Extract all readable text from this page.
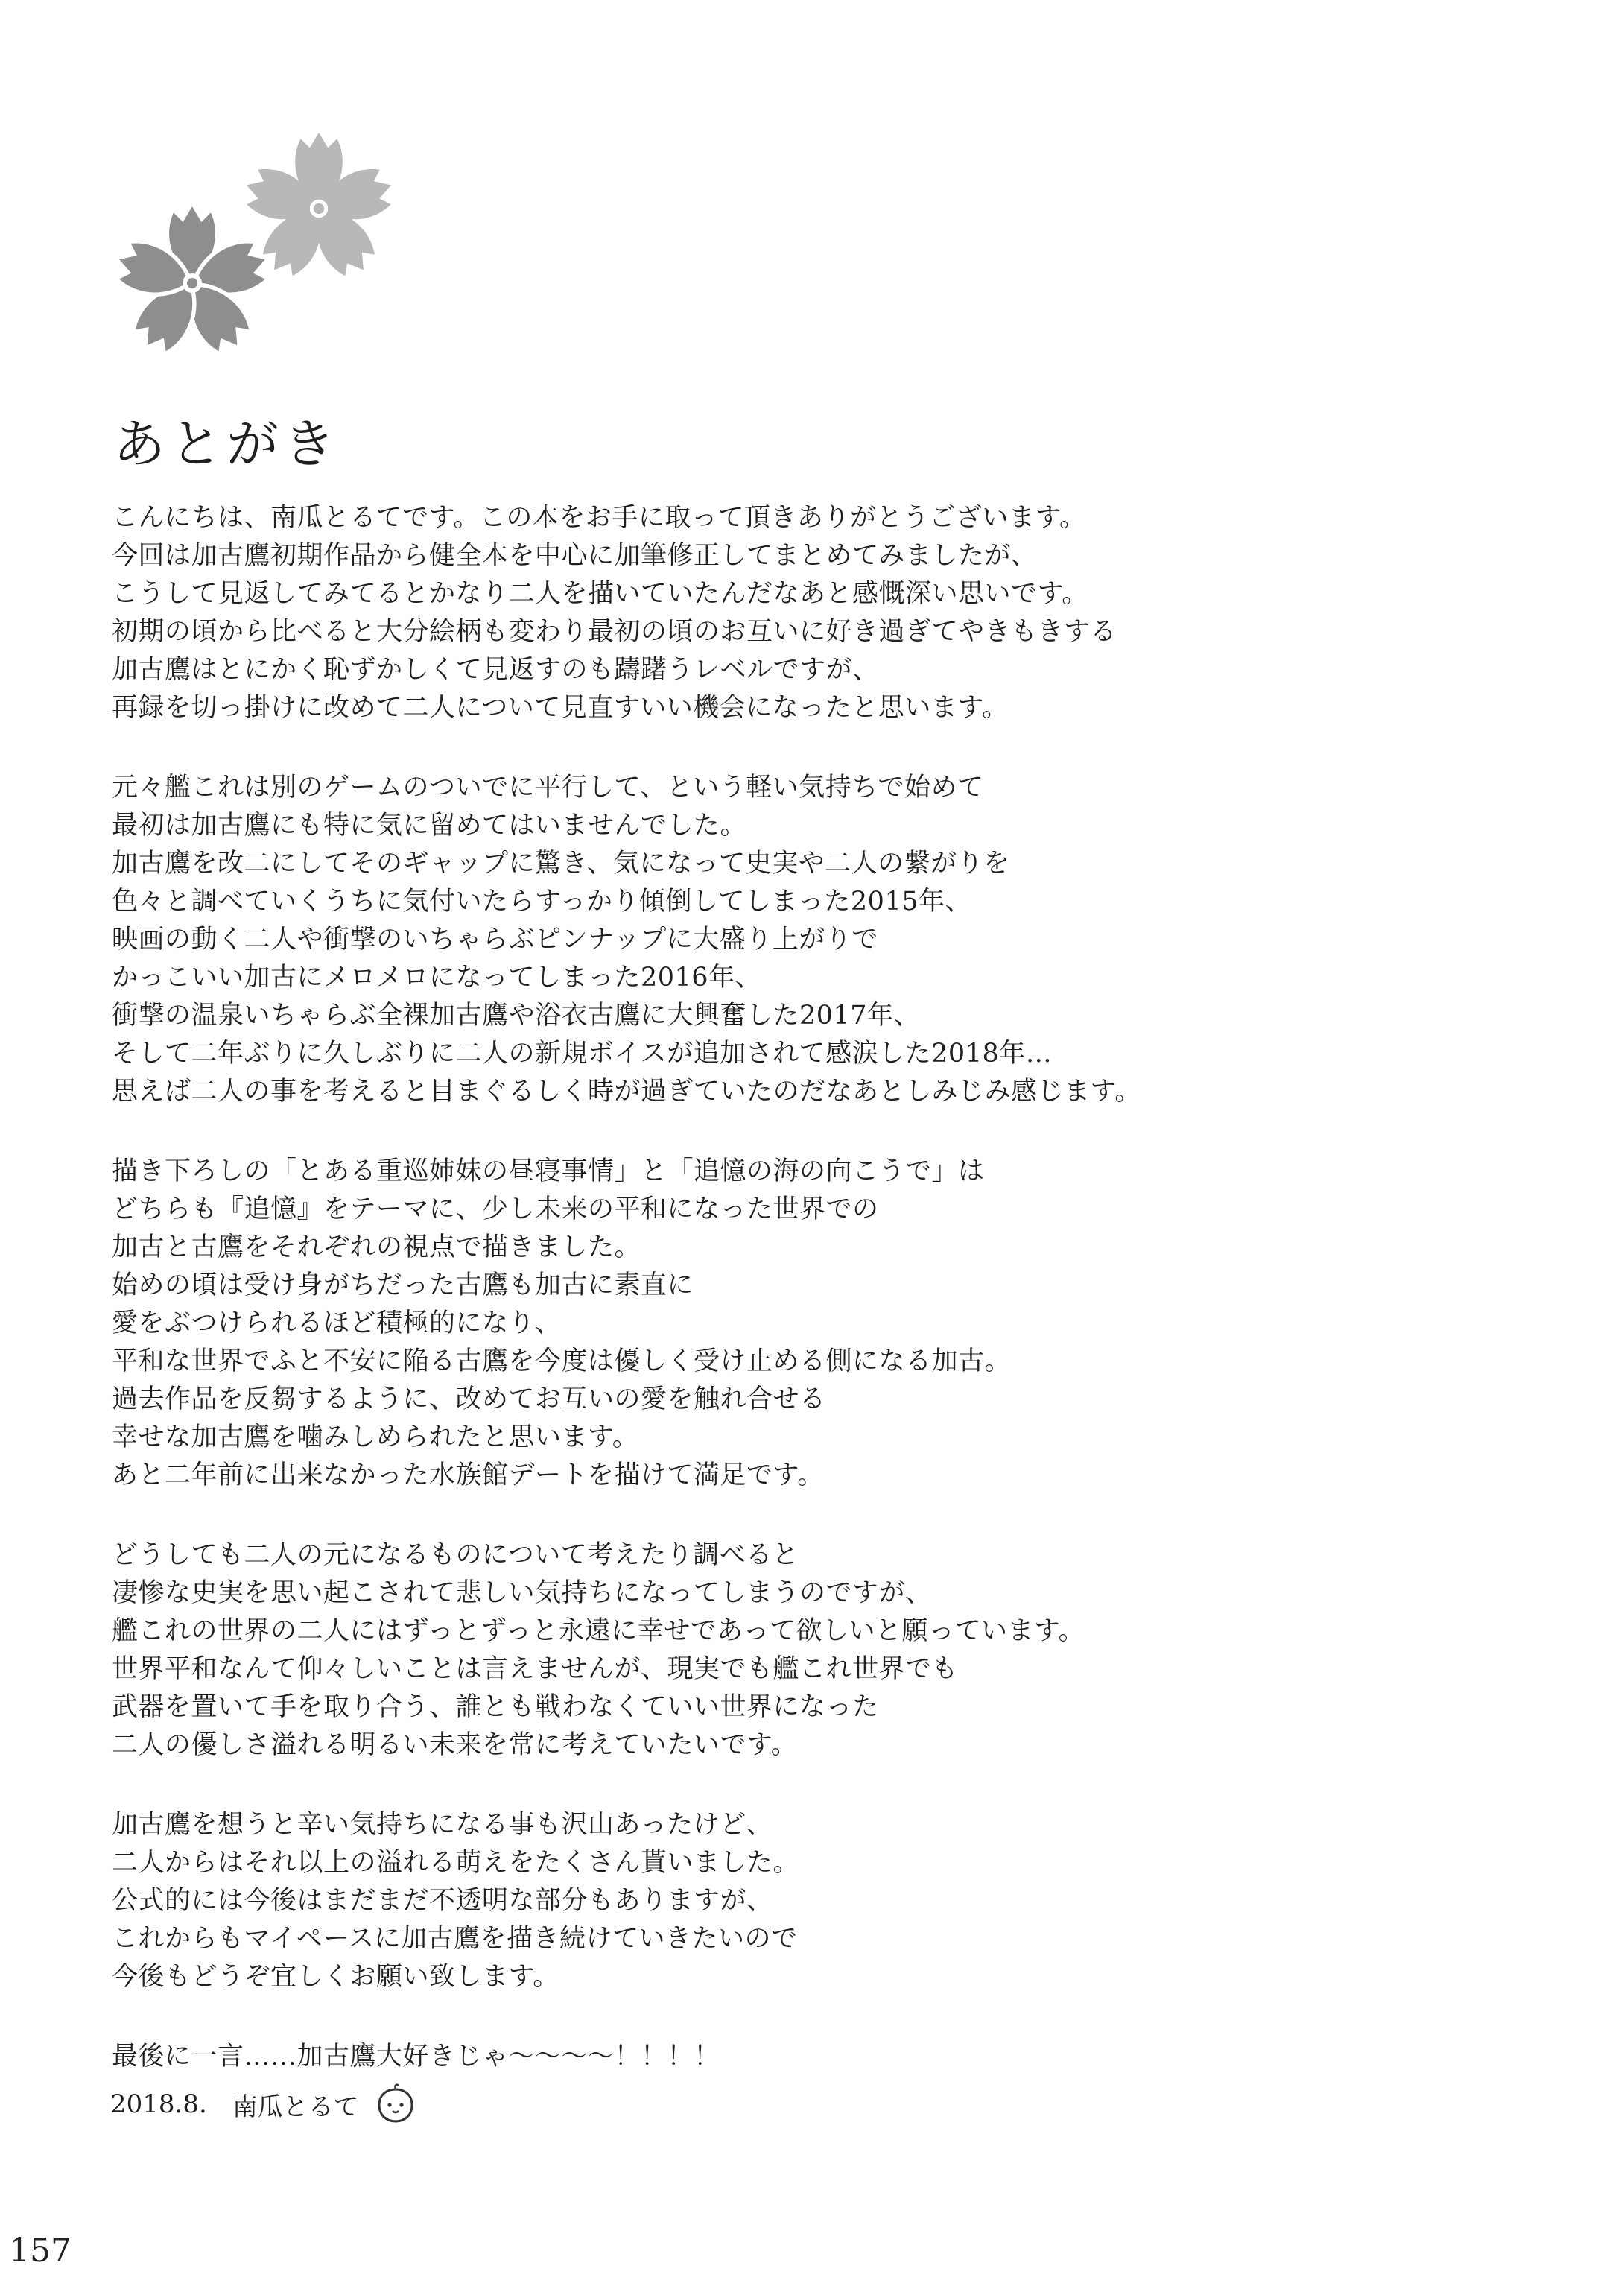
あとがき
こんにちは、南瓜とるてです。この本をお手に取って頂きありがとうございます。
今回は加古鷹初期作品から健全本を中心に加筆修正してまとめてみましたが、
こうして見返してみてるとかなり二人を描いていたんだなあと感慨深い思いです。
初期の頃から比べると大分絵柄も変わり最初の頃のお互いに好き過ぎてやきもきする
加古鷹はとにかく恥ずかしくて見返すのも躊躇うレベルですが、
再録を切っ掛けに改めて二人について見直すいい機会になったと思います。
元々艦これは別のゲームのついでに平行して、という軽い気持ちで始めて
最初は加古鷹にも特に気に留めてはいませんでした。
加古鷹を改二にしてそのギャップに驚き、気になって史実や二人の繋がりを
色々と調べていくうちに気付いたらすっかり傾倒してしまった2015年、
映画の動く二人や衝撃のいちゃらぶピンナップに大盛り上がりで
かっこいい加古にメロメロになってしまった2016年、
衝撃の温泉いちゃらぶ全裸加古鷹や浴衣古鷹に大興奮した2017年、
そして二年ぶりに久しぶりに二人の新規ボイスが追加されて感涙した2018年…
思えば二人の事を考えると目まぐるしく時が過ぎていたのだなあとしみじみ感じます。
描き下ろしの「とある重巡姉妹の昼寝事情」と「追憶の海の向こうで」は
どちらも『追憶』をテーマに、少し未来の平和になった世界での
加古と古鷹をそれぞれの視点で描きました。
始めの頃は受け身がちだった古鷹も加古に素直に
愛をぶつけられるほど積極的になり、
平和な世界でふと不安に陥る古鷹を今度は優しく受け止める側になる加古。
過去作品を反芻するように、改めてお互いの愛を触れ合せる
幸せな加古鷹を噛みしめられたと思います。
あと二年前に出来なかった水族館デートを描けて満足です。
どうしても二人の元になるものについて考えたり調べると
凄惨な史実を思い起こされて悲しい気持ちになってしまうのですが、
艦これの世界の二人にはずっとずっと永遠に幸せであって欲しいと願っています。
世界平和なんて仰々しいことは言えませんが、現実でも艦これ世界でも
武器を置いて手を取り合う、誰とも戦わなくていい世界になった
二人の優しさ溢れる明るい未来を常に考えていたいです。
加古鷹を想うと辛い気持ちになる事も沢山あったけど、
二人からはそれ以上の溢れる萌えをたくさん貰いました。
公式的には今後はまだまだ不透明な部分もありますが、
これからもマイペースに加古鷹を描き続けていきたいので
今後もどうぞ宜しくお願い致します。
最後に一言……加古鷹大好きじゃ～～～～！！！！
2018.8. 南瓜とるて
157
